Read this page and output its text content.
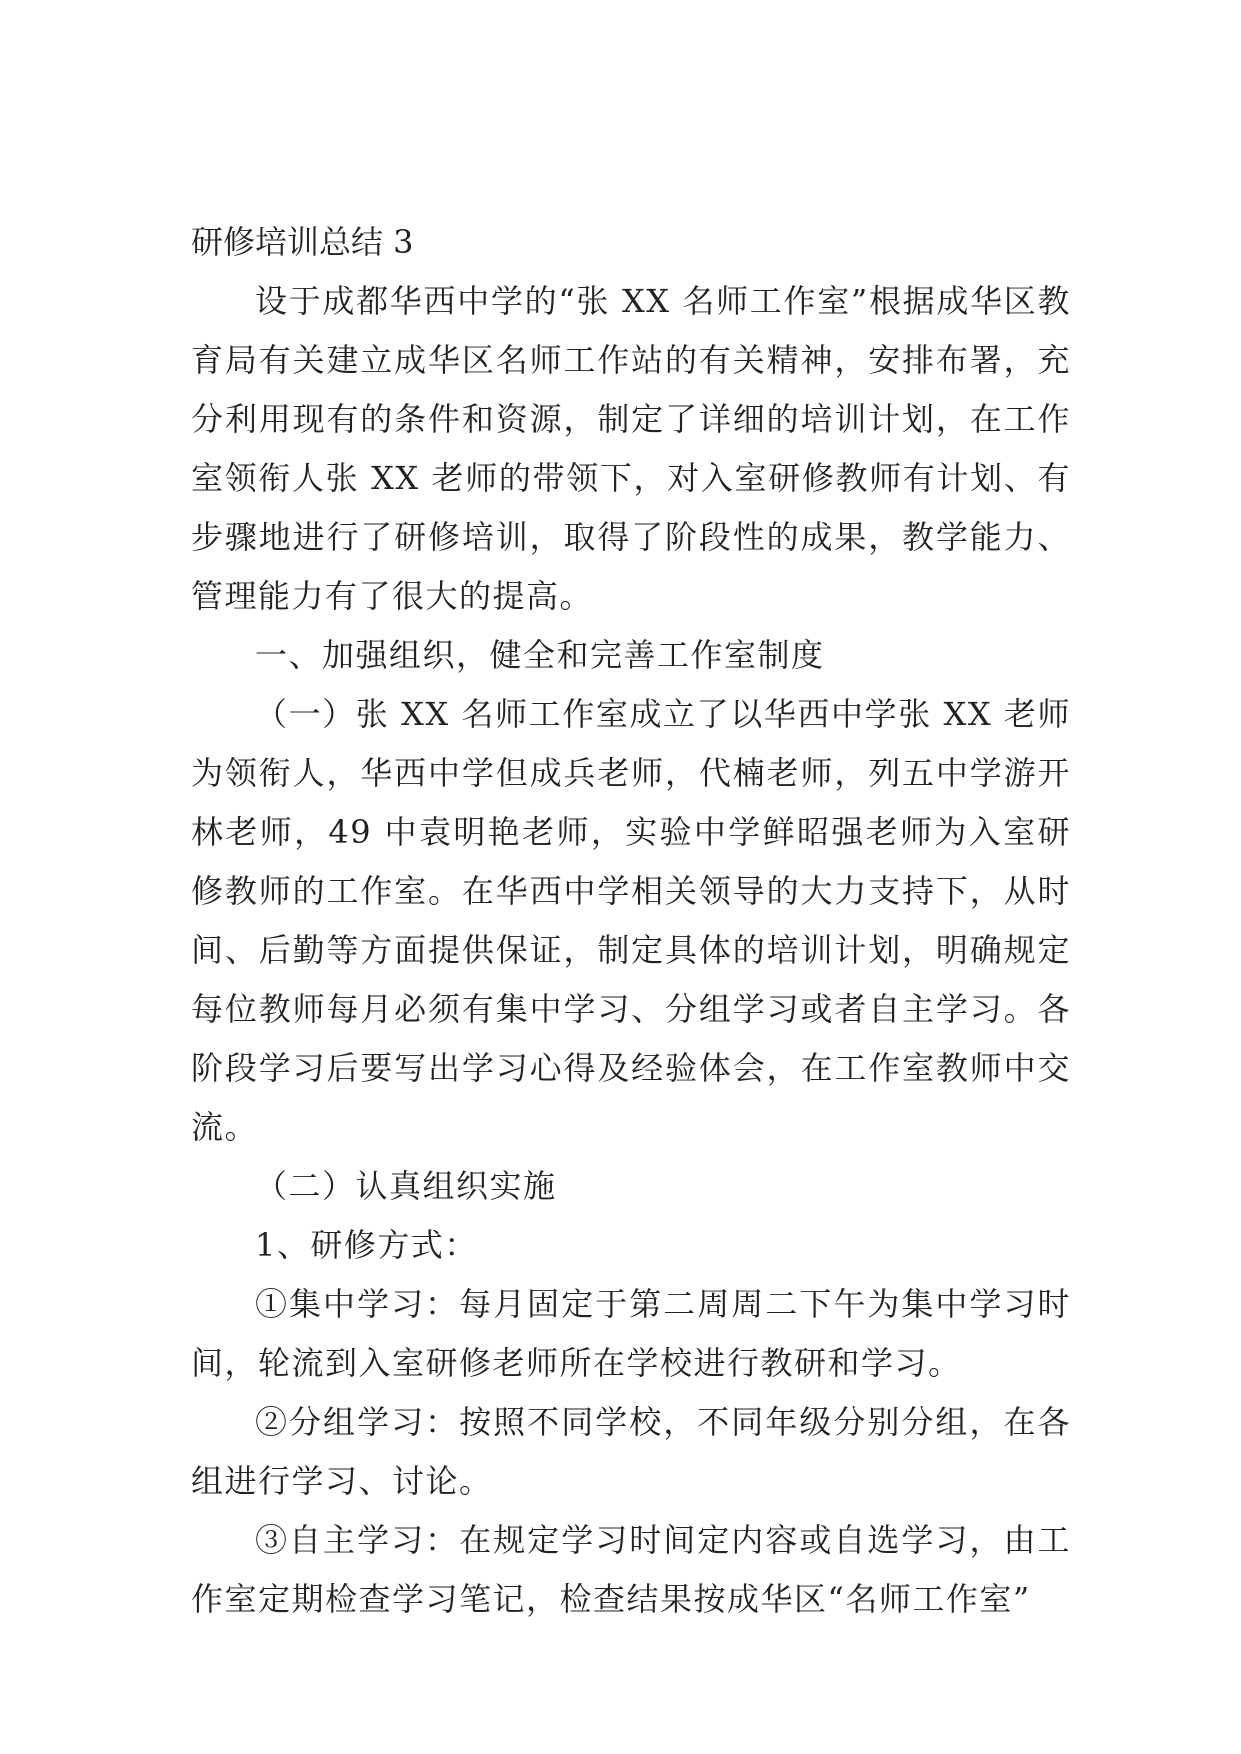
研修培训总结 3

设于成都华西中学的“张 XX 名师工作室”根据成华区教育局有关建立成华区名师工作站的有关精神，安排布署，充分利用现有的条件和资源，制定了详细的培训计划，在工作室领衔人张 XX 老师的带领下，对入室研修教师有计划、有步骤地进行了研修培训，取得了阶段性的成果，教学能力、管理能力有了很大的提高。

一、加强组织，健全和完善工作室制度

（一）张 XX 名师工作室成立了以华西中学张 XX 老师为领衔人，华西中学但成兵老师，代楠老师，列五中学游开林老师，49 中袁明艳老师，实验中学鲜昭强老师为入室研修教师的工作室。在华西中学相关领导的大力支持下，从时间、后勤等方面提供保证，制定具体的培训计划，明确规定每位教师每月必须有集中学习、分组学习或者自主学习。各阶段学习后要写出学习心得及经验体会，在工作室教师中交流。

（二）认真组织实施

1、研修方式：

①集中学习：每月固定于第二周周二下午为集中学习时间，轮流到入室研修老师所在学校进行教研和学习。

②分组学习：按照不同学校，不同年级分别分组，在各组进行学习、讨论。

③自主学习：在规定学习时间定内容或自选学习，由工作室定期检查学习笔记，检查结果按成华区“名师工作室”
